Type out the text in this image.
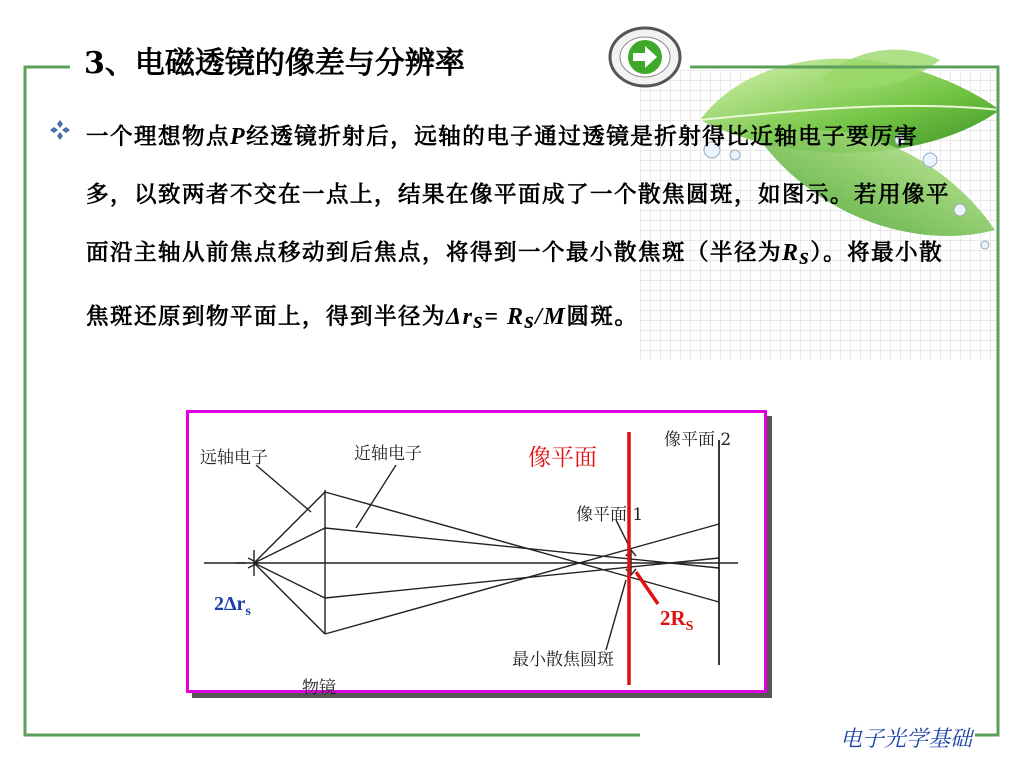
3、电磁透镜的像差与分辨率
一个理想物点P经透镜折射后，远轴的电子通过透镜是折射得比近轴电子要厉害多，以致两者不交在一点上，结果在像平面成了一个散焦圆斑，如图示。若用像平面沿主轴从前焦点移动到后焦点，将得到一个最小散焦斑（半径为$R_s$）。将最小散焦斑还原到物平面上，得到半径为$\Delta r_s= R_s/M$圆斑。
远轴电子	近轴电子	像平面
像平面 2
像平面 1
物镜
最小散焦圆斑
$2\Delta r_s$	$2R_S$
电子光学基础
